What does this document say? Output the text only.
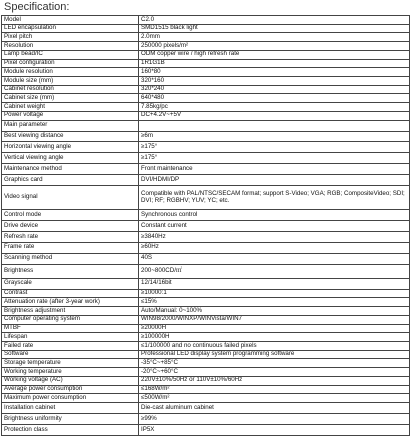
Specification:
Model	C2.0
LED encapsulation	SMD1515 black light
Pixel pitch	2.0mm
Resolution	250000 pixels/m²
Lamp bead/IC	ODM copper wire / high refresh rate
Pixel configuration	1R1G1B
Module resolution	160*80
Module size (mm)	320*160
Cabinet resolution	320*240
Cabinet size (mm)	640*480
Cabinet weight	7.85kg/pc
Power voltage	DC+4.2V~+5V
Main parameter	
Best viewing distance	≥6m
Horizontal viewing angle	≥175°
Vertical viewing angle	≥175°
Maintenance method	Front maintenance
Graphics card	DVI/HDMI/DP
Video signal	Compatible with PAL/NTSC/SECAM format; support S-Video; VGA; RGB; CompositeVideo; SDI; DVI; RF; RGBHV; YUV; YC; etc.
Control mode	Synchronous control
Drive device	Constant current
Refresh rate	≥3840Hz
Frame rate	≥60Hz
Scanning method	40S
Brightness	200~800CD/㎡
Grayscale	12/14/16bit
Contrast	≥10000:1
Attenuation rate (after 3-year work)	≤15%
Brightness adjustment	Auto/Manual: 0~100%
Computer operating system	WIN98/2000/WINXP/WINVista/WIN7
MTBF	≥20000H
Lifespan	≥100000H
Failed rate	≤1/100000 and no continuous failed pixels
Software	Professional LED display system programming software
Storage temperature	-35°C~+85°C
Working temperature	-20°C~+60°C
Working voltage (AC)	220V±10%/50Hz or 110V±10%/60Hz
Average power consumption	≤168W/m²
Maximum power consumption	≤500W/m²
Installation cabinet	Die-cast aluminum cabinet
Brightness uniformity	≥99%
Protection class	IP5X
